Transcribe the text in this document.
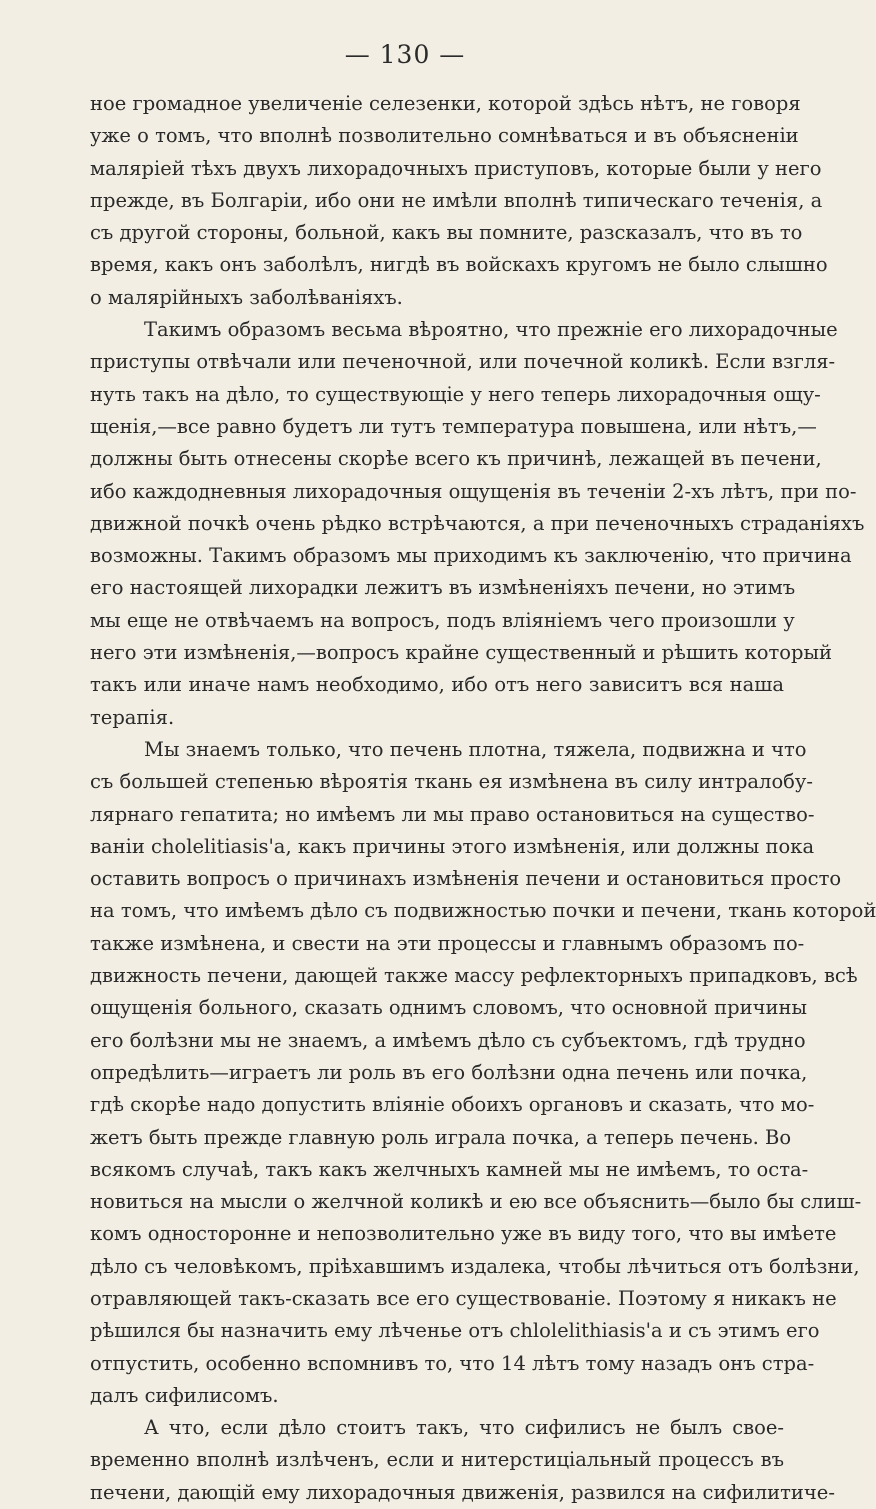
— 130 —
ное громадное увеличенiе селезенки, которой здѣсь нѣтъ, не говоря
уже о томъ, что вполнѣ позволительно сомнѣваться и въ объясненiи
малярiей тѣхъ двухъ лихорадочныхъ приступовъ, которые были у него
прежде, въ Болгарiи, ибо они не имѣли вполнѣ типическаго теченiя, а
съ другой стороны, больной, какъ вы помните, разсказалъ, что въ то
время, какъ онъ заболѣлъ, нигдѣ въ войскахъ кругомъ не было слышно
о малярiйныхъ заболѣванiяхъ.
Такимъ образомъ весьма вѣроятно, что прежнiе его лихорадочные
приступы отвѣчали или печеночной, или почечной коликѣ. Если взгля-
нуть такъ на дѣло, то существующiе у него теперь лихорадочныя ощу-
щенiя,—все равно будетъ ли тутъ температура повышена, или нѣтъ,—
должны быть отнесены скорѣе всего къ причинѣ, лежащей въ печени,
ибо каждодневныя лихорадочныя ощущенiя въ теченiи 2-хъ лѣтъ, при по-
движной почкѣ очень рѣдко встрѣчаются, а при печеночныхъ страданiяхъ
возможны. Такимъ образомъ мы приходимъ къ заключенiю, что причина
его настоящей лихорадки лежитъ въ измѣненiяхъ печени, но этимъ
мы еще не отвѣчаемъ на вопросъ, подъ влiянiемъ чего произошли у
него эти измѣненiя,—вопросъ крайне существенный и рѣшить который
такъ или иначе намъ необходимо, ибо отъ него зависитъ вся наша
терапiя.
Мы знаемъ только, что печень плотна, тяжела, подвижна и что
съ большей степенью вѣроятiя ткань ея измѣнена въ силу интралобу-
лярнаго гепатита; но имѣемъ ли мы право остановиться на существо-
ванiи cholelitiasis'a, какъ причины этого измѣненiя, или должны пока
оставить вопросъ о причинахъ измѣненiя печени и остановиться просто
на томъ, что имѣемъ дѣло съ подвижностью почки и печени, ткань которой
также измѣнена, и свести на эти процессы и главнымъ образомъ по-
движность печени, дающей также массу рефлекторныхъ припадковъ, всѣ
ощущенiя больного, сказать однимъ словомъ, что основной причины
его болѣзни мы не знаемъ, а имѣемъ дѣло съ субъектомъ, гдѣ трудно
опредѣлить—играетъ ли роль въ его болѣзни одна печень или почка,
гдѣ скорѣе надо допустить влiянiе обоихъ органовъ и сказать, что мо-
жетъ быть прежде главную роль играла почка, а теперь печень. Во
всякомъ случаѣ, такъ какъ желчныхъ камней мы не имѣемъ, то оста-
новиться на мысли о желчной коликѣ и ею все объяснить—было бы слиш-
комъ односторонне и непозволительно уже въ виду того, что вы имѣете
дѣло съ человѣкомъ, прiѣхавшимъ издалека, чтобы лѣчиться отъ болѣзни,
отравляющей такъ-сказать все его существованiе. Поэтому я никакъ не
рѣшился бы назначить ему лѣченье отъ chlolelithiasis'a и съ этимъ его
отпустить, особенно вспомнивъ то, что 14 лѣтъ тому назадъ онъ стра-
далъ сифилисомъ.
А что, если дѣло стоитъ такъ, что сифилисъ не былъ свое-
временно вполнѣ излѣченъ, если и нитерстицiальный процессъ въ
печени, дающiй ему лихорадочныя движенiя, развился на сифилитиче-
